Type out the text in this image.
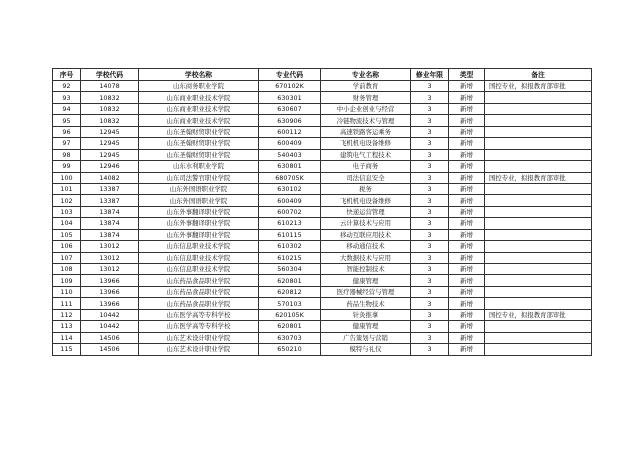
序号	学校代码	学校名称	专业代码	专业名称	修业年限	类型	备注
92	14078	山东商务职业学院	670102K	学前教育	3	新增	国控专业，拟报教育部审批
93	10832	山东商业职业技术学院	630301	财务管理	3	新增	
94	10832	山东商业职业技术学院	630607	中小企业创业与经营	3	新增	
95	10832	山东商业职业技术学院	630906	冷链物流技术与管理	3	新增	
96	12945	山东圣翰财贸职业学院	600112	高速铁路客运乘务	3	新增	
97	12945	山东圣翰财贸职业学院	600409	飞机机电设备维修	3	新增	
98	12945	山东圣翰财贸职业学院	540403	建筑电气工程技术	3	新增	
99	12946	山东水利职业学院	630801	电子商务	3	新增	
100	14082	山东司法警官职业学院	680705K	司法信息安全	3	新增	国控专业，拟报教育部审批
101	13387	山东外国语职业学院	630102	税务	3	新增	
102	13387	山东外国语职业学院	600409	飞机机电设备维修	3	新增	
103	13874	山东外事翻译职业学院	600702	快递运营管理	3	新增	
104	13874	山东外事翻译职业学院	610213	云计算技术与应用	3	新增	
105	13874	山东外事翻译职业学院	610115	移动互联应用技术	3	新增	
106	13012	山东信息职业技术学院	610302	移动通信技术	3	新增	
107	13012	山东信息职业技术学院	610215	大数据技术与应用	3	新增	
108	13012	山东信息职业技术学院	560304	智能控制技术	3	新增	
109	13966	山东药品食品职业学院	620801	健康管理	3	新增	
110	13966	山东药品食品职业学院	620812	医疗器械经营与管理	3	新增	
111	13966	山东药品食品职业学院	570103	药品生物技术	3	新增	
112	10442	山东医学高等专科学校	620105K	针灸推拿	3	新增	国控专业，拟报教育部审批
113	10442	山东医学高等专科学校	620801	健康管理	3	新增	
114	14506	山东艺术设计职业学院	630703	广告策划与营销	3	新增	
115	14506	山东艺术设计职业学院	650210	模特与礼仪	3	新增	
